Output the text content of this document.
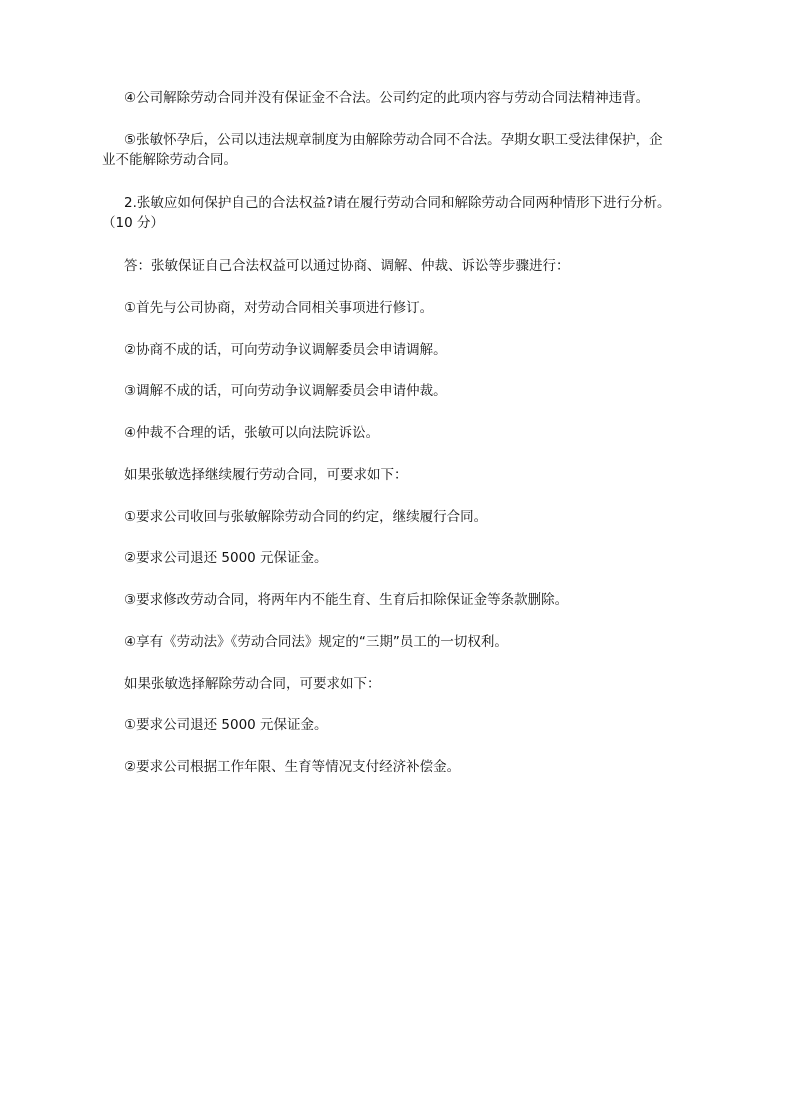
④公司解除劳动合同并没有保证金不合法。公司约定的此项内容与劳动合同法精神违背。

⑤张敏怀孕后，公司以违法规章制度为由解除劳动合同不合法。孕期女职工受法律保护，企

业不能解除劳动合同。

2.张敏应如何保护自己的合法权益?请在履行劳动合同和解除劳动合同两种情形下进行分析。

（10 分）

答：张敏保证自己合法权益可以通过协商、调解、仲裁、诉讼等步骤进行：

①首先与公司协商，对劳动合同相关事项进行修订。

②协商不成的话，可向劳动争议调解委员会申请调解。

③调解不成的话，可向劳动争议调解委员会申请仲裁。

④仲裁不合理的话，张敏可以向法院诉讼。

如果张敏选择继续履行劳动合同，可要求如下：

①要求公司收回与张敏解除劳动合同的约定，继续履行合同。

②要求公司退还 5000 元保证金。

③要求修改劳动合同，将两年内不能生育、生育后扣除保证金等条款删除。

④享有《劳动法》《劳动合同法》规定的“三期”员工的一切权利。

如果张敏选择解除劳动合同，可要求如下：

①要求公司退还 5000 元保证金。

②要求公司根据工作年限、生育等情况支付经济补偿金。
